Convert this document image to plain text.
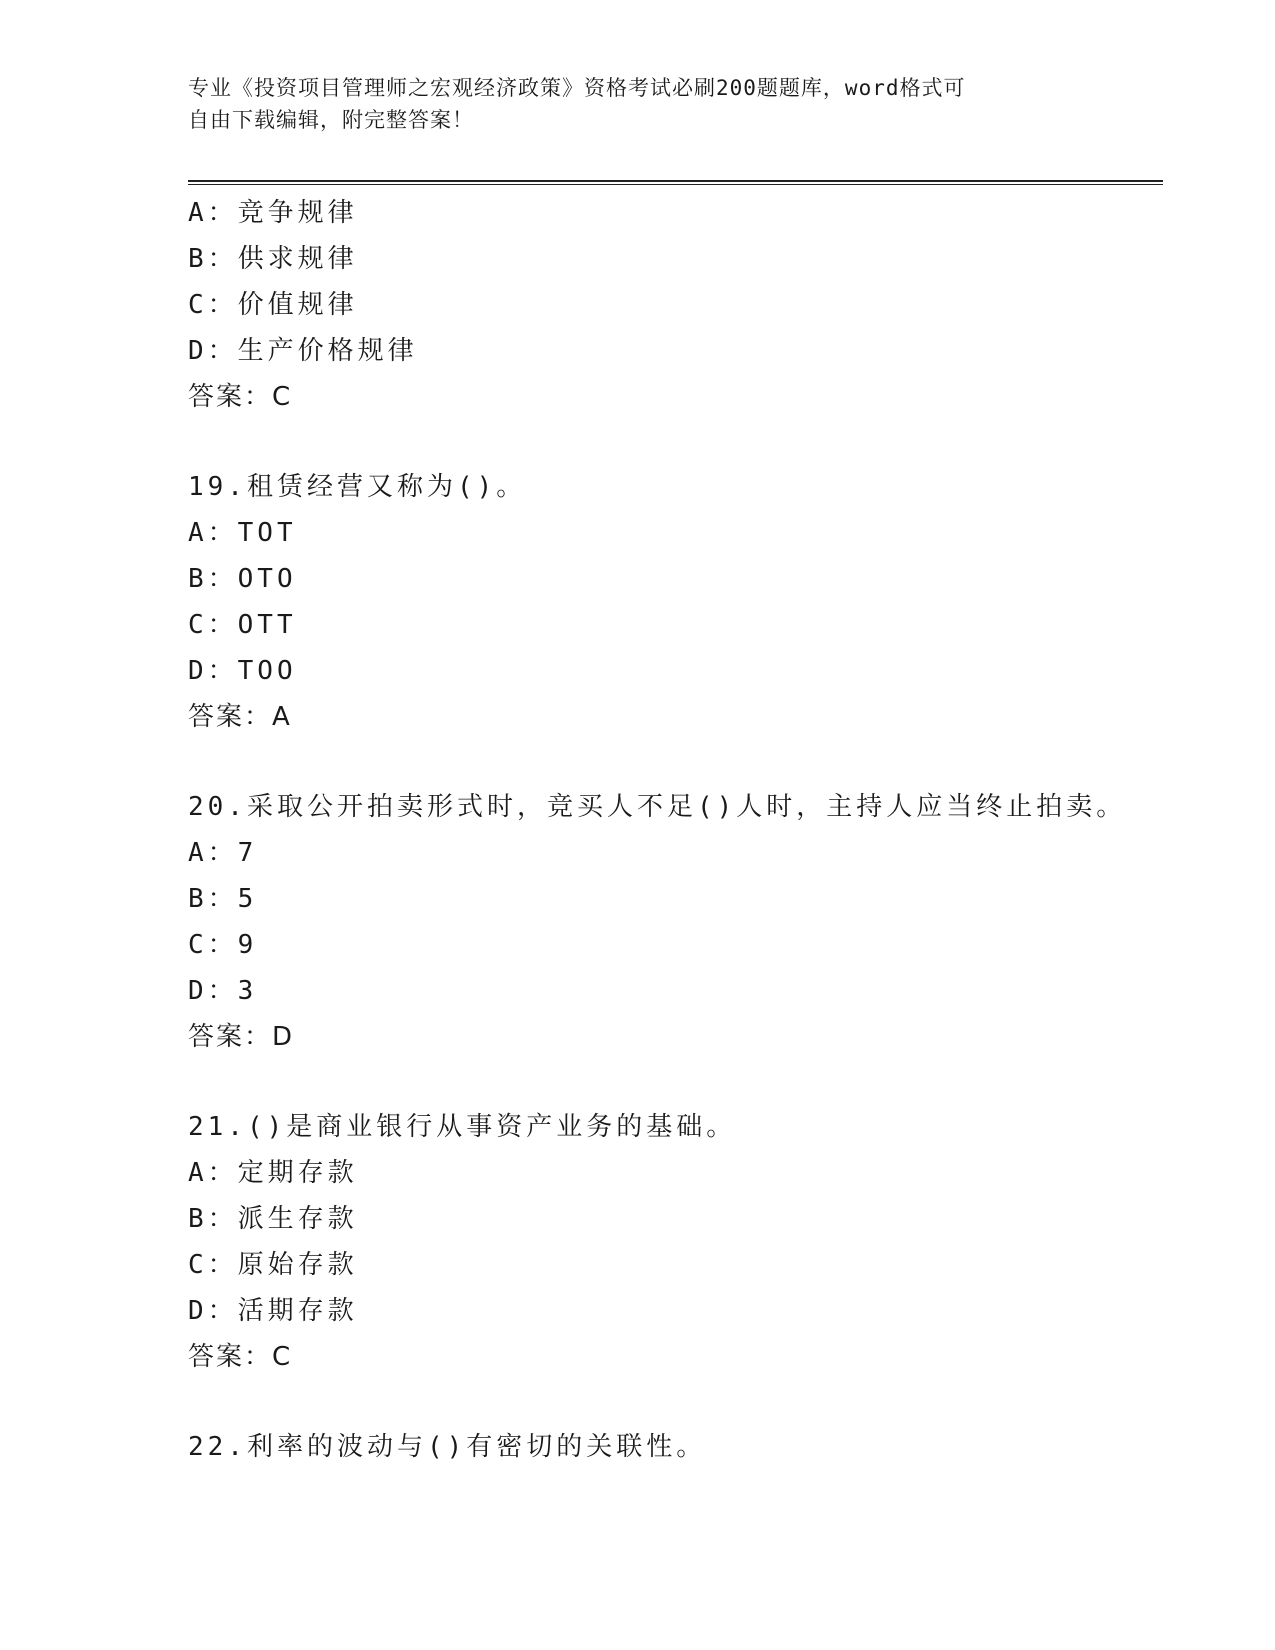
专业《投资项目管理师之宏观经济政策》资格考试必刷200题题库，word格式可
自由下载编辑，附完整答案！
A：竞争规律
B：供求规律
C：价值规律
D：生产价格规律
答案：C
19.租赁经营又称为()。
A：TOT
B：OTO
C：OTT
D：TOO
答案：A
20.采取公开拍卖形式时，竞买人不足()人时，主持人应当终止拍卖。
A：7
B：5
C：9
D：3
答案：D
21.()是商业银行从事资产业务的基础。
A：定期存款
B：派生存款
C：原始存款
D：活期存款
答案：C
22.利率的波动与()有密切的关联性。
